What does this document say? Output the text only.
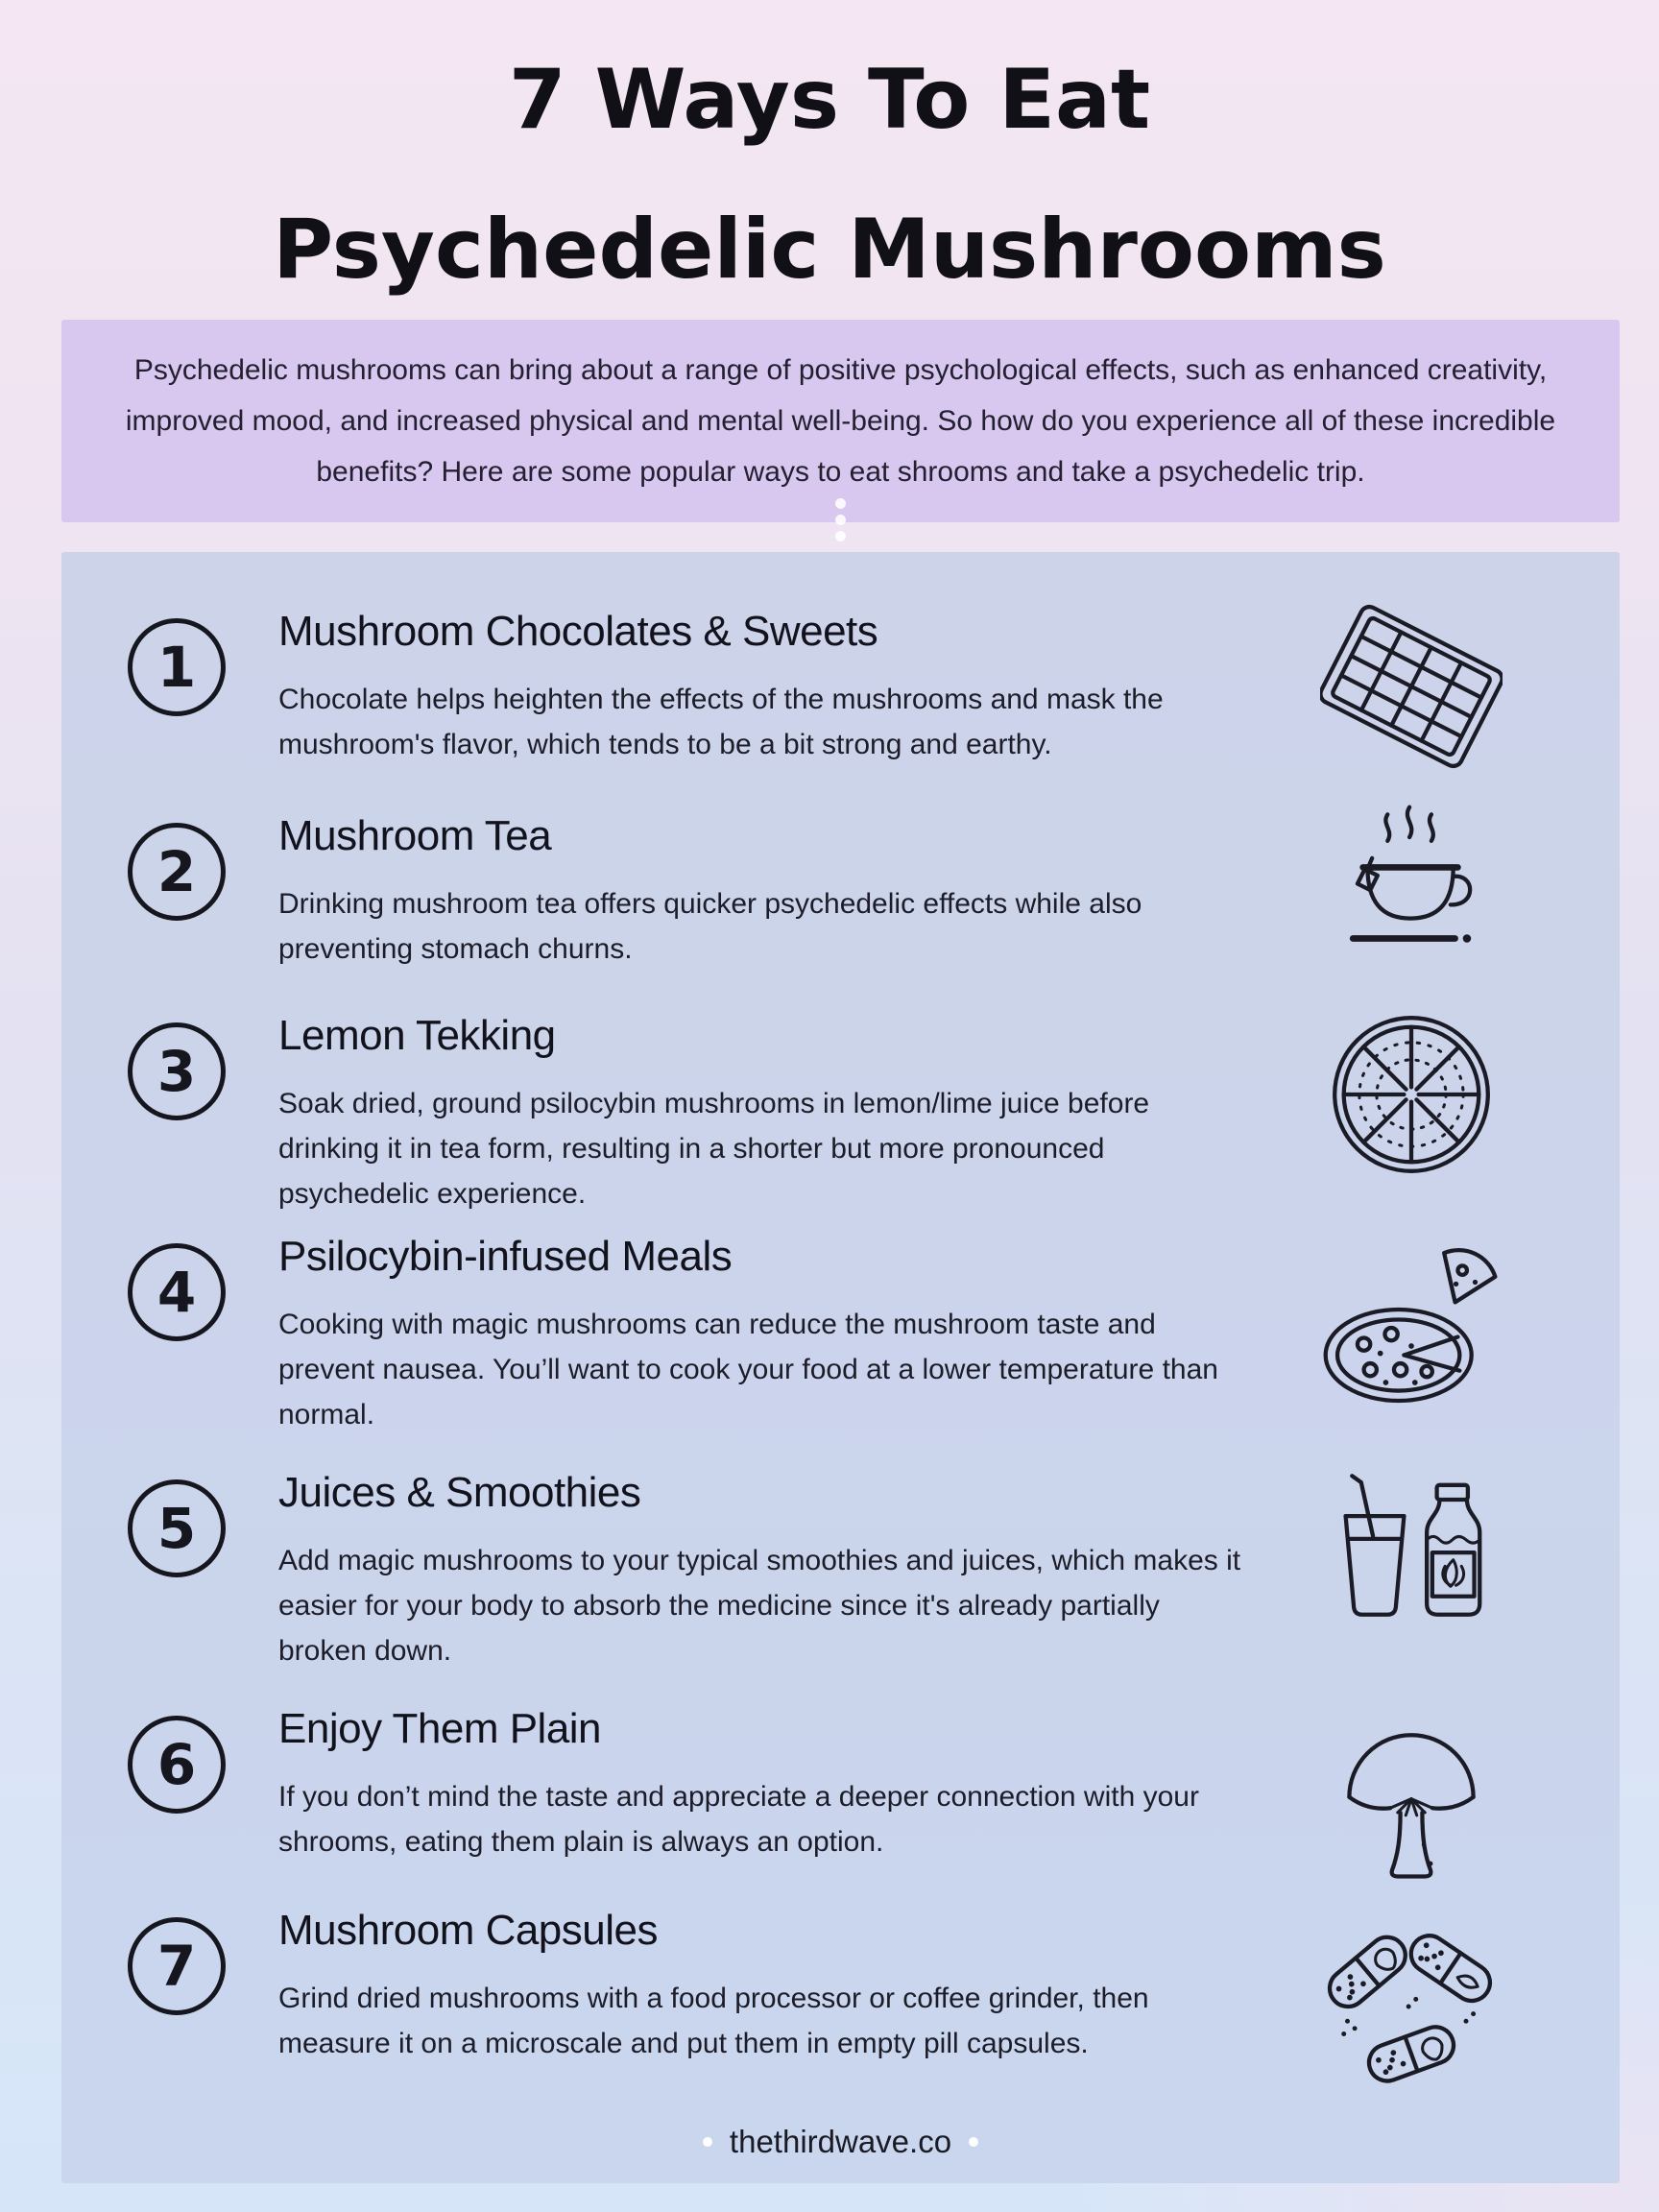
7 Ways To Eat
Psychedelic Mushrooms

Psychedelic mushrooms can bring about a range of positive psychological effects, such as enhanced creativity, improved mood, and increased physical and mental well-being. So how do you experience all of these incredible benefits? Here are some popular ways to eat shrooms and take a psychedelic trip.

1
Mushroom Chocolates & Sweets

Chocolate helps heighten the effects of the mushrooms and mask the mushroom's flavor, which tends to be a bit strong and earthy.

2
Mushroom Tea

Drinking mushroom tea offers quicker psychedelic effects while also preventing stomach churns.

3
Lemon Tekking

Soak dried, ground psilocybin mushrooms in lemon/lime juice before drinking it in tea form, resulting in a shorter but more pronounced psychedelic experience.

4
Psilocybin-infused Meals

Cooking with magic mushrooms can reduce the mushroom taste and prevent nausea. You’ll want to cook your food at a lower temperature than normal.

5
Juices & Smoothies

Add magic mushrooms to your typical smoothies and juices, which makes it easier for your body to absorb the medicine since it's already partially broken down.

6
Enjoy Them Plain

If you don’t mind the taste and appreciate a deeper connection with your shrooms, eating them plain is always an option.

7
Mushroom Capsules

Grind dried mushrooms with a food processor or coffee grinder, then measure it on a microscale and put them in empty pill capsules.

thethirdwave.co
